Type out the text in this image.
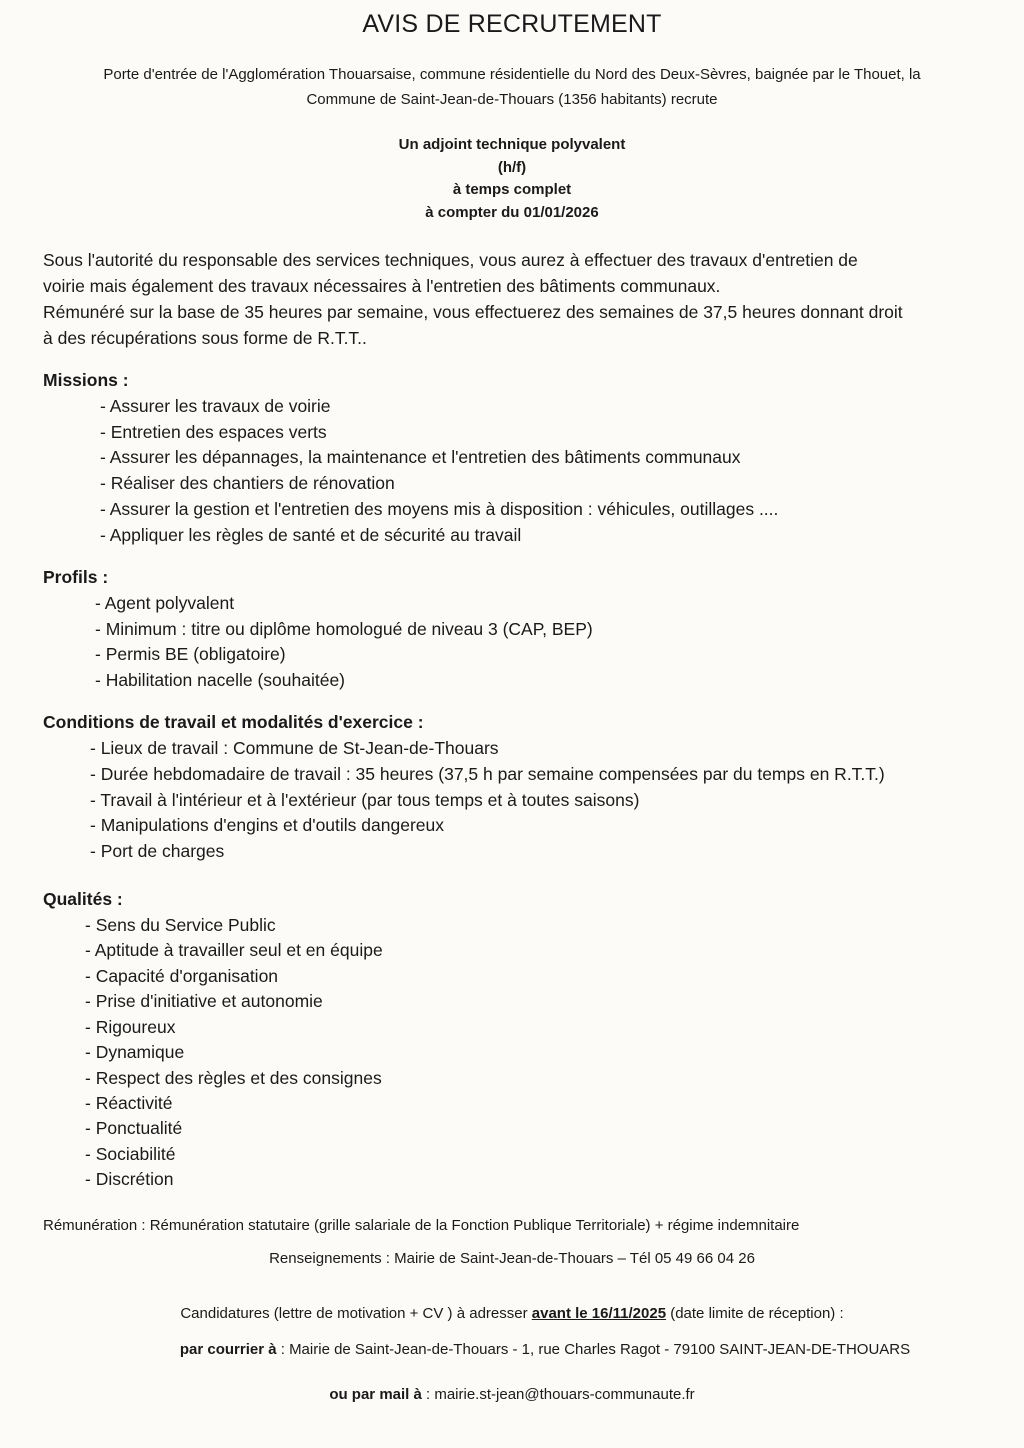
AVIS DE RECRUTEMENT
Porte d'entrée de l'Agglomération Thouarsaise, commune résidentielle du Nord des Deux-Sèvres, baignée par le Thouet, la
Commune de Saint-Jean-de-Thouars (1356 habitants) recrute
Un adjoint technique polyvalent
(h/f)
à temps complet
à compter du 01/01/2026
Sous l'autorité du responsable des services techniques, vous aurez à effectuer des travaux d'entretien de
voirie mais également des travaux nécessaires à l'entretien des bâtiments communaux.
Rémunéré sur la base de 35 heures par semaine, vous effectuerez des semaines de 37,5 heures donnant droit
à des récupérations sous forme de R.T.T..
Missions :
- Assurer les travaux de voirie
- Entretien des espaces verts
- Assurer les dépannages, la maintenance et l'entretien des bâtiments communaux
- Réaliser des chantiers de rénovation
- Assurer la gestion et l'entretien des moyens mis à disposition : véhicules, outillages ....
- Appliquer les règles de santé et de sécurité au travail
Profils :
- Agent polyvalent
- Minimum : titre ou diplôme homologué de niveau 3 (CAP, BEP)
- Permis BE (obligatoire)
- Habilitation nacelle (souhaitée)
Conditions de travail et modalités d'exercice :
- Lieux de travail : Commune de St-Jean-de-Thouars
- Durée hebdomadaire de travail : 35 heures (37,5 h par semaine compensées par du temps en R.T.T.)
- Travail à l'intérieur et à l'extérieur (par tous temps et à toutes saisons)
- Manipulations d'engins et d'outils dangereux
- Port de charges
Qualités :
- Sens du Service Public
- Aptitude à travailler seul et en équipe
- Capacité d'organisation
- Prise d'initiative et autonomie
- Rigoureux
- Dynamique
- Respect des règles et des consignes
- Réactivité
- Ponctualité
- Sociabilité
- Discrétion
Rémunération : Rémunération statutaire (grille salariale de la Fonction Publique Territoriale) + régime indemnitaire
Renseignements : Mairie de Saint-Jean-de-Thouars – Tél 05 49 66 04 26
Candidatures (lettre de motivation + CV ) à adresser avant le 16/11/2025 (date limite de réception) :
par courrier à : Mairie de Saint-Jean-de-Thouars - 1, rue Charles Ragot - 79100 SAINT-JEAN-DE-THOUARS
ou par mail à : mairie.st-jean@thouars-communaute.fr
